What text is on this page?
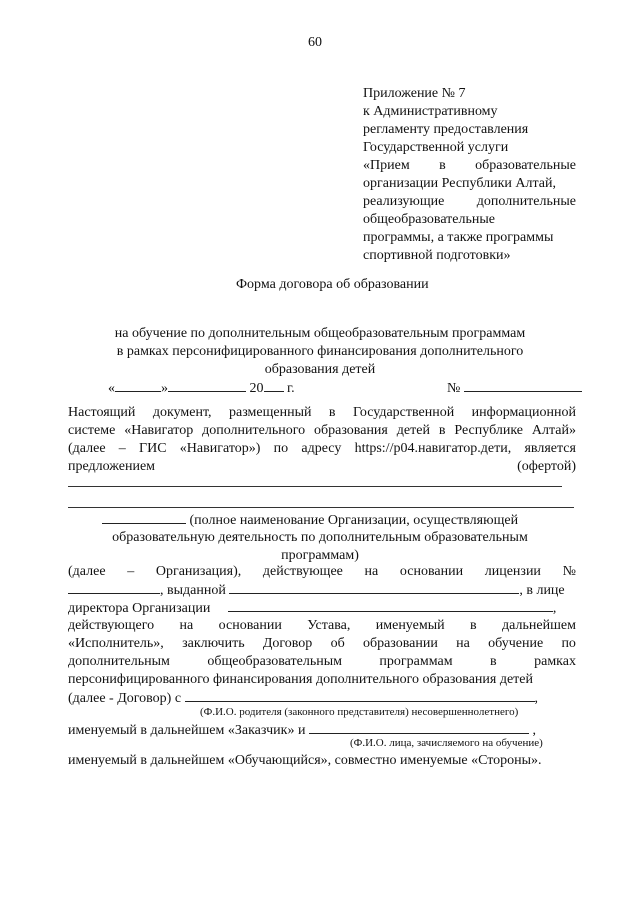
60
Приложение № 7
к Административному
регламенту предоставления
Государственной услуги
«Прием в образовательные
организации Республики Алтай,
реализующие дополнительные
общеобразовательные
программы, а также программы
спортивной подготовки»
Форма договора об образовании
на обучение по дополнительным общеобразовательным программам
в рамках персонифицированного финансирования дополнительного
образования детей
«	»	20 г.	№
Настоящий документ, размещенный в Государственной информационной
системе «Навигатор дополнительного образования детей в Республике Алтай»
(далее – ГИС «Навигатор») по адресу https://p04.навигатор.дети, является
предложением	(офертой)
(полное наименование Организации, осуществляющей
образовательную деятельность по дополнительным образовательным
программам)
(далее – Организация), действующее на основании лицензии №
, выданной	, в лице
директора Организации	,
действующего на основании Устава, именуемый в дальнейшем
«Исполнитель», заключить Договор об образовании на обучение по
дополнительным	общеобразовательным	программам	в	рамках
персонифицированного финансирования дополнительного образования детей
(далее - Договор) с	,
(Ф.И.О. родителя (законного представителя) несовершеннолетнего)
именуемый в дальнейшем «Заказчик» и	,
(Ф.И.О. лица, зачисляемого на обучение)
именуемый в дальнейшем «Обучающийся», совместно именуемые «Стороны».
